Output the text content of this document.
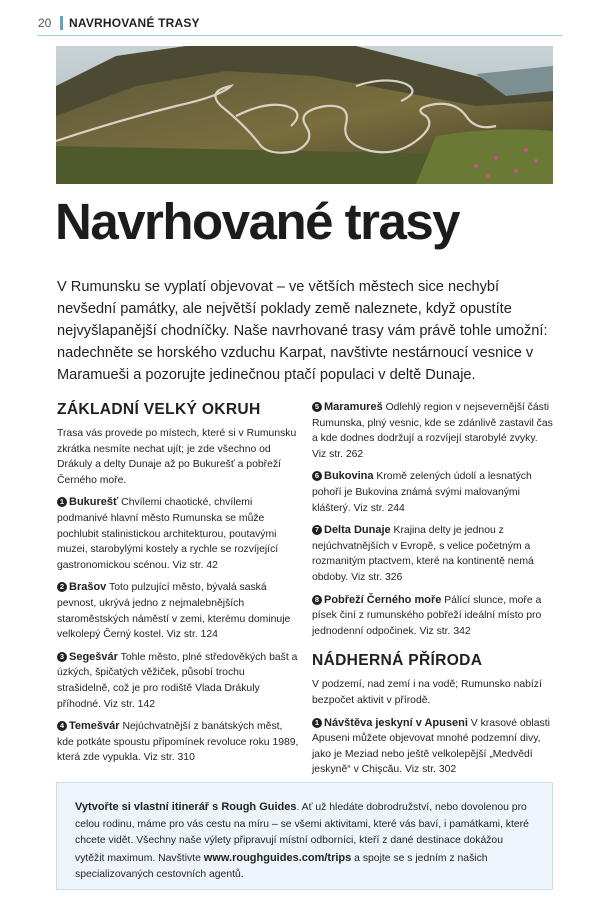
20	NAVRHOVANÉ TRASY
Navrhované trasy

V Rumunsku se vyplatí objevovat – ve větších městech sice nechybí nevšední památky, ale největší poklady země naleznete, když opustíte nejvyšlapanější chodníčky. Naše navrhované trasy vám právě tohle umožní: nadechněte se horského vzduchu Karpat, navštivte nestárnoucí vesnice v Maramueši a pozorujte jedinečnou ptačí populaci v deltě Dunaje.

ZÁKLADNÍ VELKÝ OKRUH

Trasa vás provede po místech, které si v Rumunsku zkrátka nesmíte nechat ujít; je zde všechno od Drákuly a delty Dunaje až po Bukurešť a pobřeží Černého moře.

1 Bukurešť Chvílemi chaotické, chvílemi podmanivé hlavní město Rumunska se může pochlubit stalinistickou architekturou, poutavými muzei, starobylými kostely a rychle se rozvíjející gastronomickou scénou. Viz str. 42

2 Brašov Toto pulzující město, bývalá saská pevnost, ukrývá jedno z nejmalebnějších staroměstských náměstí v zemi, kterému dominuje velkolepý Černý kostel. Viz str. 124

3 Segešvár Tohle město, plné středověkých bašt a úzkých, špičatých věžiček, působí trochu strašidelně, což je pro rodiště Vlada Drákuly příhodné. Viz str. 142

4 Temešvár Nejúchvatnější z banátských měst, kde potkáte spoustu připomínek revoluce roku 1989, která zde vypukla. Viz str. 310

5 Maramureš Odlehlý region v nejsevernější části Rumunska, plný vesnic, kde se zdánlivě zastavil čas a kde dodnes dodržují a rozvíjejí starobylé zvyky. Viz str. 262

6 Bukovina Kromě zelených údolí a lesnatých pohoří je Bukovina známá svými malovanými klášterý. Viz str. 244

7 Delta Dunaje Krajina delty je jednou z nejúchvatnějších v Evropě, s velice početným a rozmanitým ptactvem, které na kontinentě nemá obdoby. Viz str. 326

8 Pobřeží Černého moře Pálící slunce, moře a písek činí z rumunského pobřeží ideální místo pro jednodenní odpočinek. Viz str. 342

NÁDHERNÁ PŘÍRODA

V podzemí, nad zemí i na vodě; Rumunsko nabízí bezpočet aktivit v přírodě.

1 Návštěva jeskyní v Apuseni V krasové oblasti Apuseni můžete objevovat mnohé podzemní divy, jako je Meziad nebo ještě velkolepější „Medvědí jeskyně“ v Chişcău. Viz str. 302

Vytvořte si vlastní itinerář s Rough Guides. Ať už hledáte dobrodružství, nebo dovolenou pro celou rodinu, máme pro vás cestu na míru – se všemi aktivitami, které vás baví, i památkami, které chcete vidět. Všechny naše výlety připravují místní odborníci, kteří z dané destinace dokážou vytěžit maximum. Navštivte www.roughguides.com/trips a spojte se s jedním z našich specializovaných cestovních agentů.
